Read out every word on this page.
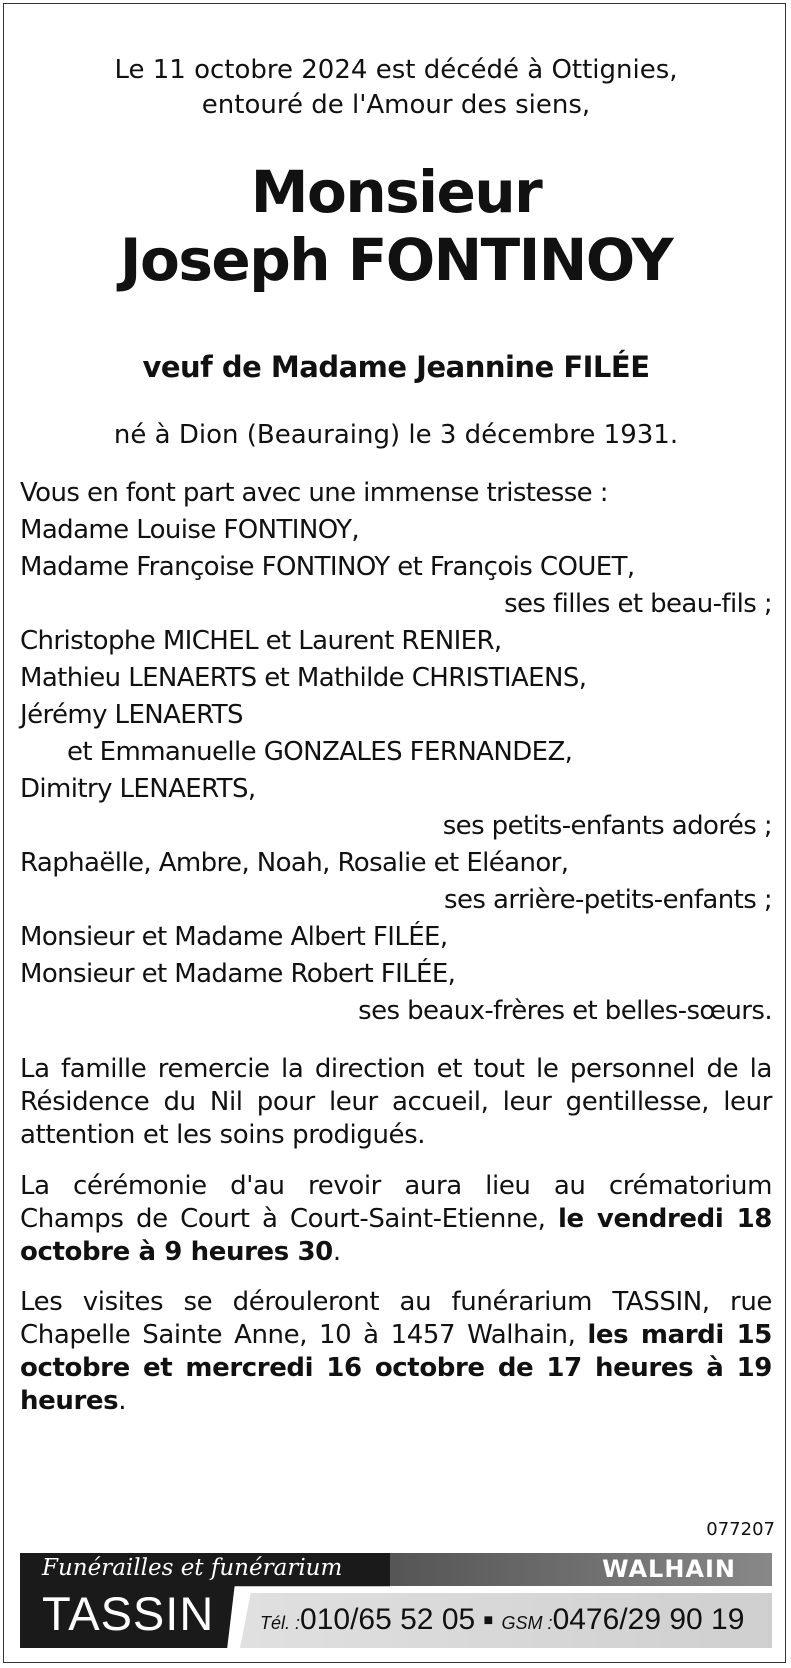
Le 11 octobre 2024 est décédé à Ottignies,
entouré de l'Amour des siens,
Monsieur
Joseph FONTINOY
veuf de Madame Jeannine FILÉE
né à Dion (Beauraing) le 3 décembre 1931.
Vous en font part avec une immense tristesse :
Madame Louise FONTINOY,
Madame Françoise FONTINOY et François COUET,
ses filles et beau-fils ;
Christophe MICHEL et Laurent RENIER,
Mathieu LENAERTS et Mathilde CHRISTIAENS,
Jérémy LENAERTS
et Emmanuelle GONZALES FERNANDEZ,
Dimitry LENAERTS,
ses petits-enfants adorés ;
Raphaëlle, Ambre, Noah, Rosalie et Eléanor,
ses arrière-petits-enfants ;
Monsieur et Madame Albert FILÉE,
Monsieur et Madame Robert FILÉE,
ses beaux-frères et belles-sœurs.
La famille remercie la direction et tout le personnel de la Résidence du Nil pour leur accueil, leur gentillesse, leur attention et les soins prodigués.
La cérémonie d'au revoir aura lieu au crématorium Champs de Court à Court-Saint-Etienne, le vendredi 18 octobre à 9 heures 30.
Les visites se dérouleront au funérarium TASSIN, rue Chapelle Sainte Anne, 10 à 1457 Walhain, les mardi 15 octobre et mercredi 16 octobre de 17 heures à 19 heures.
077207
Funérailles et funérarium
TASSIN
WALHAIN
Tél. :010/65 52 05 ■ GSM :0476/29 90 19
